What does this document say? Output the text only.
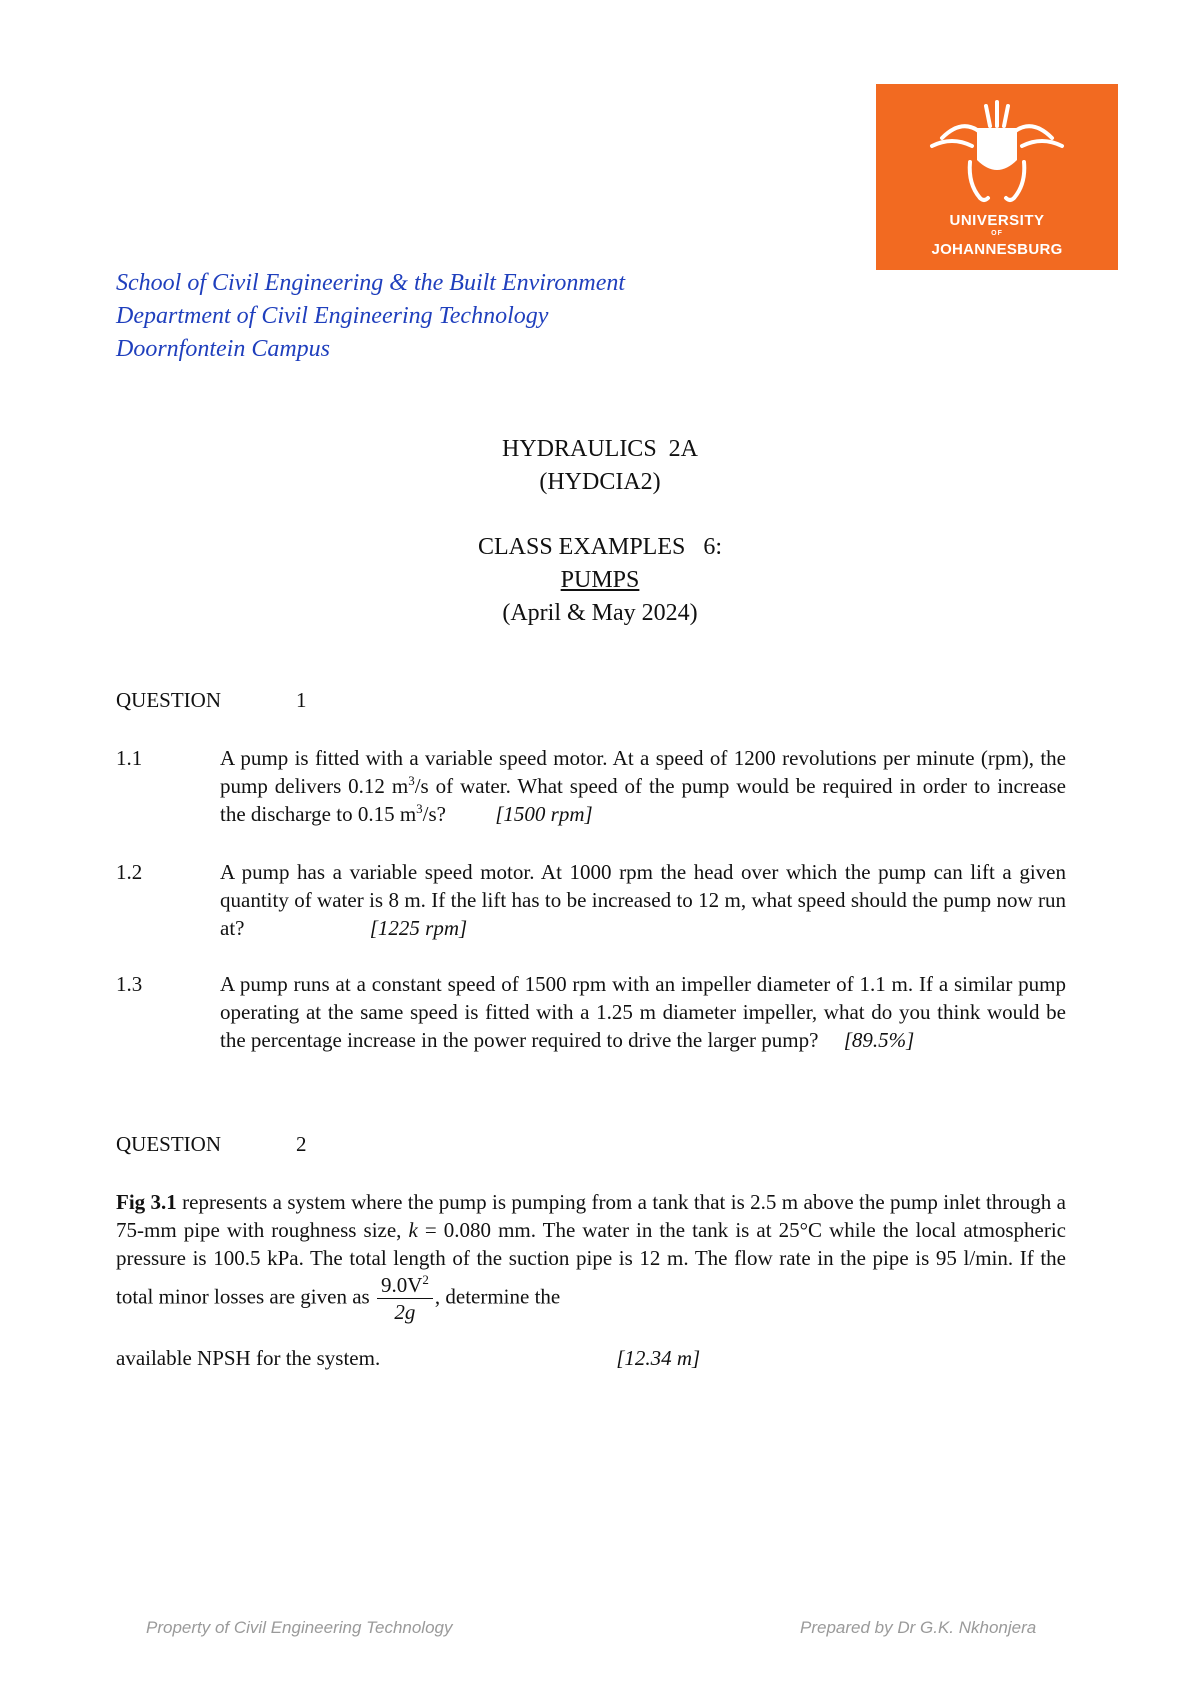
UNIVERSITY
OF
JOHANNESBURG
School of Civil Engineering & the Built Environment
Department of Civil Engineering Technology
Doornfontein Campus
HYDRAULICS  2A
(HYDCIA2)
CLASS EXAMPLES   6:
PUMPS
(April & May 2024)
QUESTION	1
1.1	A pump is fitted with a variable speed motor. At a speed of 1200 revolutions per minute (rpm), the pump delivers 0.12 $m^3/s$ of water. What speed of the pump would be required in order to increase the discharge to 0.15 $m^3/s$? [1500 rpm]
1.2	A pump has a variable speed motor. At 1000 rpm the head over which the pump can lift a given quantity of water is 8 m. If the lift has to be increased to 12 m, what speed should the pump now run at?	[1225 rpm]
1.3	A pump runs at a constant speed of 1500 rpm with an impeller diameter of 1.1 m. If a similar pump operating at the same speed is fitted with a 1.25 m diameter impeller, what do you think would be the percentage increase in the power required to drive the larger pump? [89.5%]
QUESTION	2
Fig 3.1 represents a system where the pump is pumping from a tank that is 2.5 m above the pump inlet through a 75-mm pipe with roughness size, k = 0.080 mm. The water in the tank is at 25°C while the local atmospheric pressure is 100.5 kPa. The total length of the suction pipe is 12 m. The flow rate in the pipe is 95 l/min. If the total minor losses are given as $\frac{9.0V^2}{2g}$ , determine the
available NPSH for the system.	[12.34 m]
Property of Civil Engineering Technology	Prepared by Dr G.K. Nkhonjera
